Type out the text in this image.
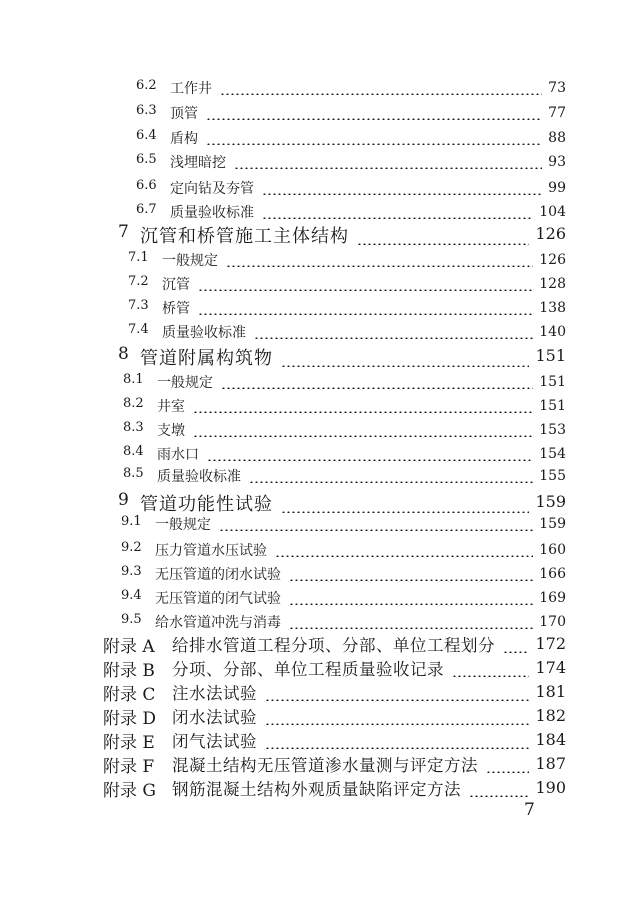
6.2 工作井	73
6.3 顶管	77
6.4 盾构	88
6.5 浅埋暗挖	93
6.6 定向钻及夯管	99
6.7 质量验收标准	104
7 沉管和桥管施工主体结构	126
7.1 一般规定	126
7.2 沉管	128
7.3 桥管	138
7.4 质量验收标准	140
8 管道附属构筑物	151
8.1 一般规定	151
8.2 井室	151
8.3 支墩	153
8.4 雨水口	154
8.5 质量验收标准	155
9 管道功能性试验	159
9.1 一般规定	159
9.2 压力管道水压试验	160
9.3 无压管道的闭水试验	166
9.4 无压管道的闭气试验	169
9.5 给水管道冲洗与消毒	170
附录 A 给排水管道工程分项、分部、单位工程划分	172
附录 B 分项、分部、单位工程质量验收记录	174
附录 C 注水法试验	181
附录 D 闭水法试验	182
附录 E 闭气法试验	184
附录 F 混凝土结构无压管道渗水量测与评定方法	187
附录 G 钢筋混凝土结构外观质量缺陷评定方法	190
7
